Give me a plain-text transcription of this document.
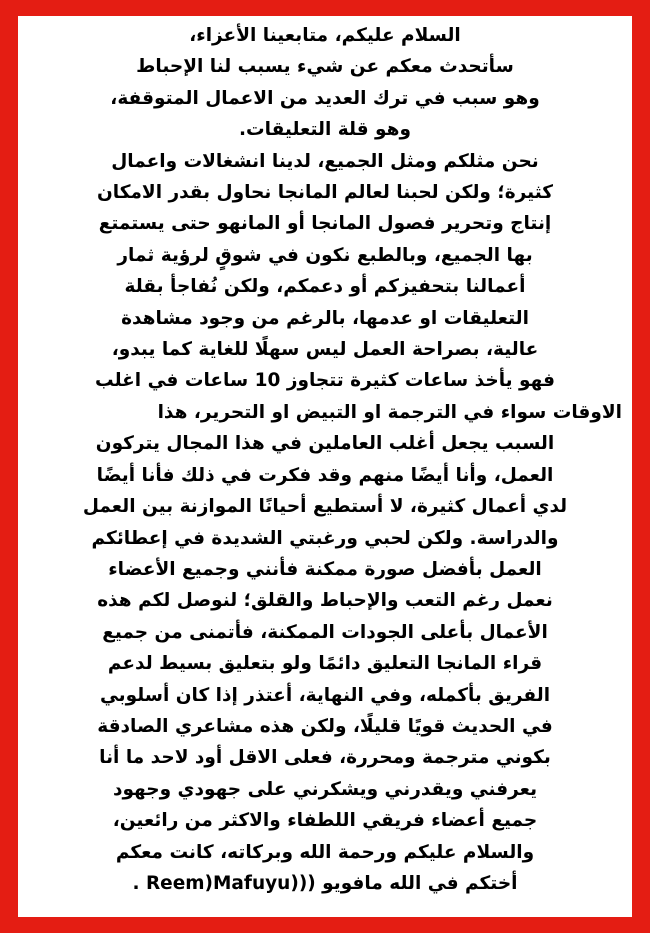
السلام عليكم، متابعينا الأعزاء،
سأتحدث معكم عن شيء يسبب لنا الإحباط
وهو سبب في ترك العديد من الاعمال المتوقفة،
وهو قلة التعليقات.
نحن مثلكم ومثل الجميع، لدينا انشغالات واعمال
كثيرة؛ ولكن لحبنا لعالم المانجا نحاول بقدر الامكان
إنتاج وتحرير فصول المانجا أو المانهو حتى يستمتع
بها الجميع، وبالطبع نكون في شوقٍ لرؤية ثمار
أعمالنا بتحفيزكم أو دعمكم، ولكن نُفاجأ بقلة
التعليقات او عدمها، بالرغم من وجود مشاهدة
عالية، بصراحة العمل ليس سهلًا للغاية كما يبدو،
فهو يأخذ ساعات كثيرة تتجاوز 10 ساعات في اغلب
الاوقات سواء في الترجمة او التبيض او التحرير، هذا
السبب يجعل أغلب العاملين في هذا المجال يتركون
العمل، وأنا أيضًا منهم وقد فكرت في ذلك فأنا أيضًا
لدي أعمال كثيرة، لا أستطيع أحيانًا الموازنة بين العمل
والدراسة. ولكن لحبي ورغبتي الشديدة في إعطائكم
العمل بأفضل صورة ممكنة فأنني وجميع الأعضاء
نعمل رغم التعب والإحباط والقلق؛ لنوصل لكم هذه
الأعمال بأعلى الجودات الممكنة، فأتمنى من جميع
قراء المانجا التعليق دائمًا ولو بتعليق بسيط لدعم
الفريق بأكمله، وفي النهاية، أعتذر إذا كان أسلوبي
في الحديث قويًا قليلًا، ولكن هذه مشاعري الصادقة
بكوني مترجمة ومحررة، فعلى الاقل أود لاحد ما أنا
يعرفني ويقدرني ويشكرني على جهودي وجهود
جميع أعضاء فريقي اللطفاء والاكثر من رائعين،
والسلام عليكم ورحمة الله وبركاته، كانت معكم
أختكم في الله مافويو ((Reem)Mafuyu) .
